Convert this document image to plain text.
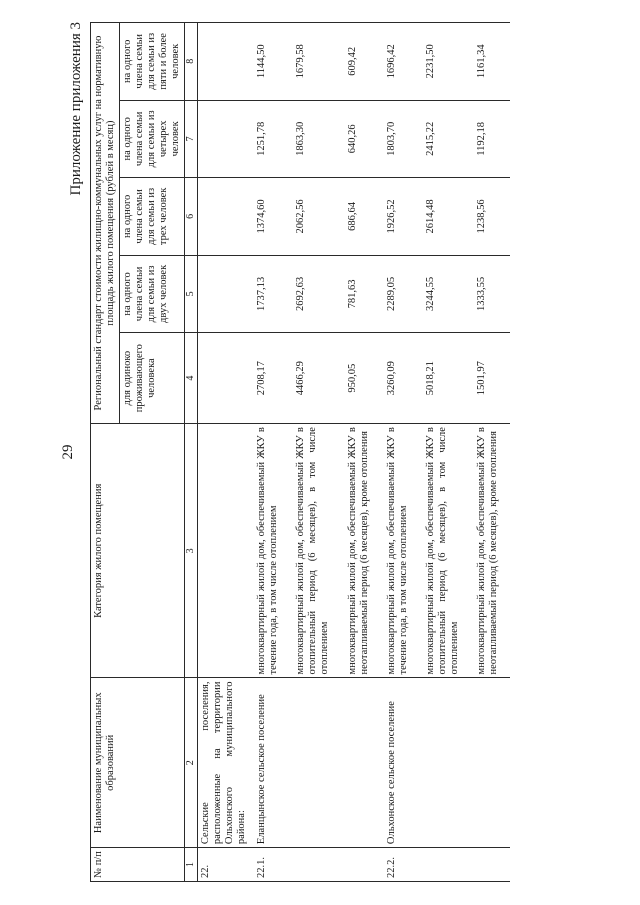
29
Приложение приложения 3
№ п/п	Наименование муниципальных образований	Категория жилого помещения	Региональный стандарт стоимости жилищно-коммунальных услуг на нормативную площадь жилого помещения (рублей в месяц)				
			для одиноко проживающего человека	на одного члена семьи для семьи из двух человек	на одного члена семьи для семьи из трех человек	на одного члена семьи для семьи из четырех человек	на одного члена семьи для семьи из пяти и более человек
1	2	3	4	5	6	7	8
22.	Сельские поселения, расположенные на территории Ольхонского муниципального района:						
22.1.	Еланцынское сельское поселение	многоквартирный жилой дом, обеспечиваемый ЖКУ в течение года, в том числе отоплением	2708,17	1737,13	1374,60	1251,78	1144,50
		многоквартирный жилой дом, обеспечиваемый ЖКУ в отопительный период (6 месяцев), в том числе отоплением	4466,29	2692,63	2062,56	1863,30	1679,58
		многоквартирный жилой дом, обеспечиваемый ЖКУ в неотапливаемый период (6 месяцев), кроме отопления	950,05	781,63	686,64	640,26	609,42
22.2.	Ольхонское сельское поселение	многоквартирный жилой дом, обеспечиваемый ЖКУ в течение года, в том числе отоплением	3260,09	2289,05	1926,52	1803,70	1696,42
		многоквартирный жилой дом, обеспечиваемый ЖКУ в отопительный период (6 месяцев), в том числе отоплением	5018,21	3244,55	2614,48	2415,22	2231,50
		многоквартирный жилой дом, обеспечиваемый ЖКУ в неотапливаемый период (6 месяцев), кроме отопления	1501,97	1333,55	1238,56	1192,18	1161,34
